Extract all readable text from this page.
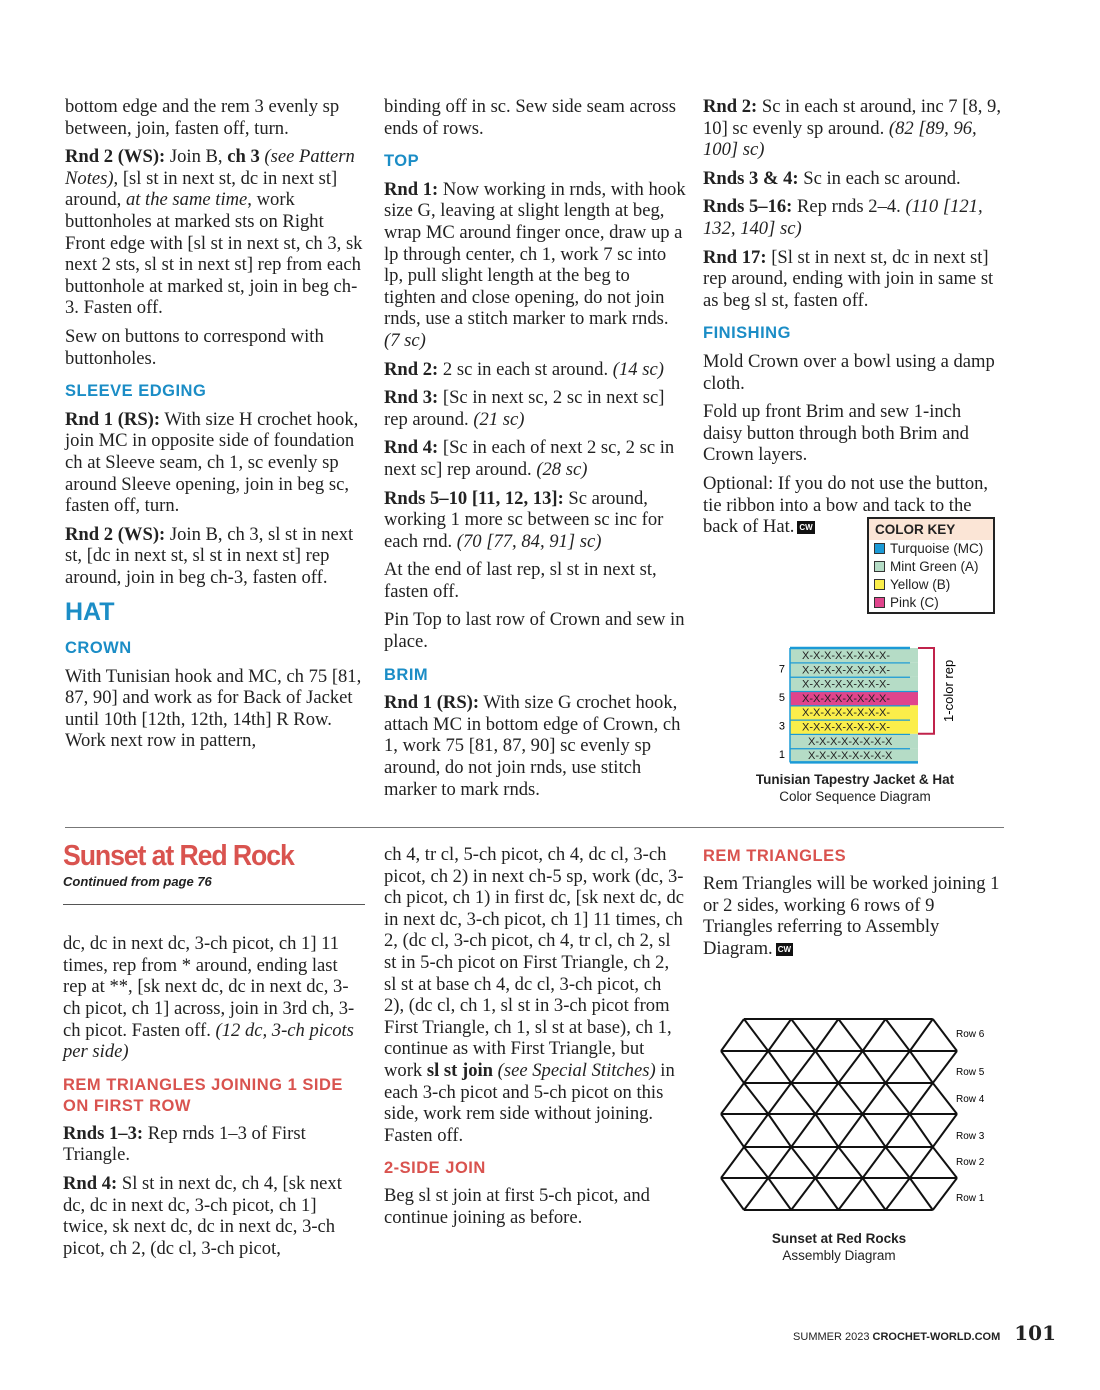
bottom edge and the rem 3 evenly sp between, join, fasten off, turn.

Rnd 2 (WS): Join B, ch 3 (see Pattern Notes), [sl st in next st, dc in next st] around, at the same time, work buttonholes at marked sts on Right Front edge with [sl st in next st, ch 3, sk next 2 sts, sl st in next st] rep from each buttonhole at marked st, join in beg ch-3. Fasten off.

Sew on buttons to correspond with buttonholes.

SLEEVE EDGING

Rnd 1 (RS): With size H crochet hook, join MC in opposite side of foundation ch at Sleeve seam, ch 1, sc evenly sp around Sleeve opening, join in beg sc, fasten off, turn.

Rnd 2 (WS): Join B, ch 3, sl st in next st, [dc in next st, sl st in next st] rep around, join in beg ch-3, fasten off.

HAT
CROWN

With Tunisian hook and MC, ch 75 [81, 87, 90] and work as for Back of Jacket until 10th [12th, 12th, 14th] R Row. Work next row in pattern,

binding off in sc. Sew side seam across ends of rows.

TOP

Rnd 1: Now working in rnds, with hook size G, leaving at slight length at beg, wrap MC around finger once, draw up a lp through center, ch 1, work 7 sc into lp, pull slight length at the beg to tighten and close opening, do not join rnds, use a stitch marker to mark rnds. (7 sc)

Rnd 2: 2 sc in each st around. (14 sc)

Rnd 3: [Sc in next sc, 2 sc in next sc] rep around. (21 sc)

Rnd 4: [Sc in each of next 2 sc, 2 sc in next sc] rep around. (28 sc)

Rnds 5–10 [11, 12, 13]: Sc around, working 1 more sc between sc inc for each rnd. (70 [77, 84, 91] sc)

At the end of last rep, sl st in next st, fasten off.

Pin Top to last row of Crown and sew in place.

BRIM

Rnd 1 (RS): With size G crochet hook, attach MC in bottom edge of Crown, ch 1, work 75 [81, 87, 90] sc evenly sp around, do not join rnds, use stitch marker to mark rnds.

Rnd 2: Sc in each st around, inc 7 [8, 9, 10] sc evenly sp around. (82 [89, 96, 100] sc)

Rnds 3 & 4: Sc in each sc around.

Rnds 5–16: Rep rnds 2–4. (110 [121, 132, 140] sc)

Rnd 17: [Sl st in next st, dc in next st] rep around, ending with join in same st as beg sl st, fasten off.

FINISHING

Mold Crown over a bowl using a damp cloth.

Fold up front Brim and sew 1-inch daisy button through both Brim and Crown layers.

COLOR KEY
Turquoise (MC)
Mint Green (A)
Yellow (B)
Pink (C)

Optional: If you do not use the button, tie ribbon into a bow and tack to the back of Hat. CW

X-X-X-X-X-X-X-X
X-X-X-X-X-X-X-X
X-X-X-X-X-X-X-X-
X-X-X-X-X-X-X-X-
X-X-X-X-X-X-X-X-
X-X-X-X-X-X-X-X-
X-X-X-X-X-X-X-X-
X-X-X-X-X-X-X-X-
1
3
5
7	1-color rep
Tunisian Tapestry Jacket & Hat
Color Sequence Diagram
Sunset at Red Rock
Continued from page 76

dc, dc in next dc, 3-ch picot, ch 1] 11 times, rep from * around, ending last rep at **, [sk next dc, dc in next dc, 3-ch picot, ch 1] across, join in 3rd ch, 3-ch picot. Fasten off. (12 dc, 3-ch picots per side)

REM TRIANGLES JOINING 1 SIDE ON FIRST ROW

Rnds 1–3: Rep rnds 1–3 of First Triangle.

Rnd 4: Sl st in next dc, ch 4, [sk next dc, dc in next dc, 3-ch picot, ch 1] twice, sk next dc, dc in next dc, 3-ch picot, ch 2, (dc cl, 3-ch picot,

ch 4, tr cl, 5-ch picot, ch 4, dc cl, 3-ch picot, ch 2) in next ch-5 sp, work (dc, 3-ch picot, ch 1) in first dc, [sk next dc, dc in next dc, 3-ch picot, ch 1] 11 times, ch 2, (dc cl, 3-ch picot, ch 4, tr cl, ch 2, sl st in 5-ch picot on First Triangle, ch 2, sl st at base ch 4, dc cl, 3-ch picot, ch 2), (dc cl, ch 1, sl st in 3-ch picot from First Triangle, ch 1, sl st at base), ch 1, continue as with First Triangle, but work sl st join (see Special Stitches) in each 3-ch picot and 5-ch picot on this side, work rem side without joining. Fasten off.

2-SIDE JOIN

Beg sl st join at first 5-ch picot, and continue joining as before.

REM TRIANGLES

Rem Triangles will be worked joining 1 or 2 sides, working 6 rows of 9 Triangles referring to Assembly Diagram. CW

Row 6
Row 5
Row 4
Row 3
Row 2
Row 1
Sunset at Red Rocks
Assembly Diagram
SUMMER 2023 CROCHET-WORLD.COM 101
